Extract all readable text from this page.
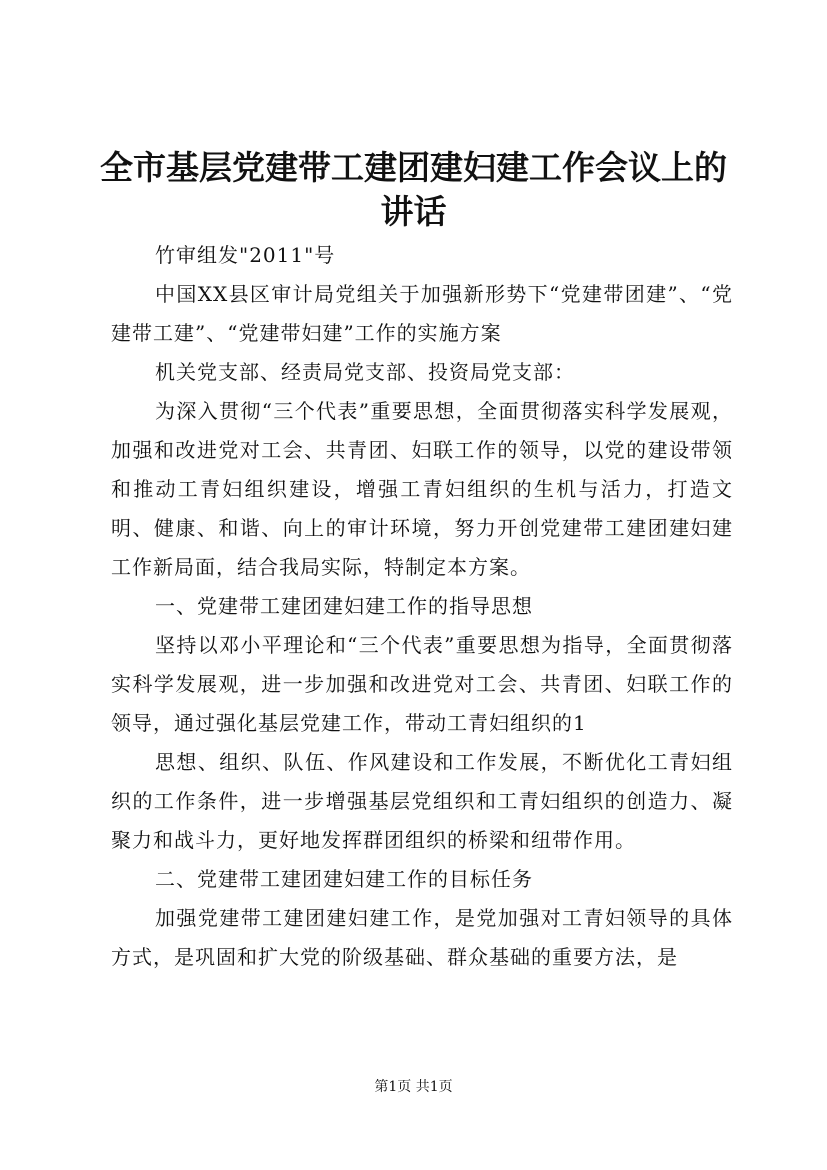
全市基层党建带工建团建妇建工作会议上的讲话

竹审组发"2011"号

中国XX县区审计局党组关于加强新形势下“党建带团建”、“党建带工建”、“党建带妇建”工作的实施方案

机关党支部、经责局党支部、投资局党支部：

为深入贯彻“三个代表”重要思想，全面贯彻落实科学发展观，加强和改进党对工会、共青团、妇联工作的领导，以党的建设带领和推动工青妇组织建设，增强工青妇组织的生机与活力，打造文明、健康、和谐、向上的审计环境，努力开创党建带工建团建妇建工作新局面，结合我局实际，特制定本方案。

一、党建带工建团建妇建工作的指导思想

坚持以邓小平理论和“三个代表”重要思想为指导，全面贯彻落实科学发展观，进一步加强和改进党对工会、共青团、妇联工作的领导，通过强化基层党建工作，带动工青妇组织的1

思想、组织、队伍、作风建设和工作发展，不断优化工青妇组织的工作条件，进一步增强基层党组织和工青妇组织的创造力、凝聚力和战斗力，更好地发挥群团组织的桥梁和纽带作用。

二、党建带工建团建妇建工作的目标任务

加强党建带工建团建妇建工作，是党加强对工青妇领导的具体方式，是巩固和扩大党的阶级基础、群众基础的重要方法，是

第1页 共1页
